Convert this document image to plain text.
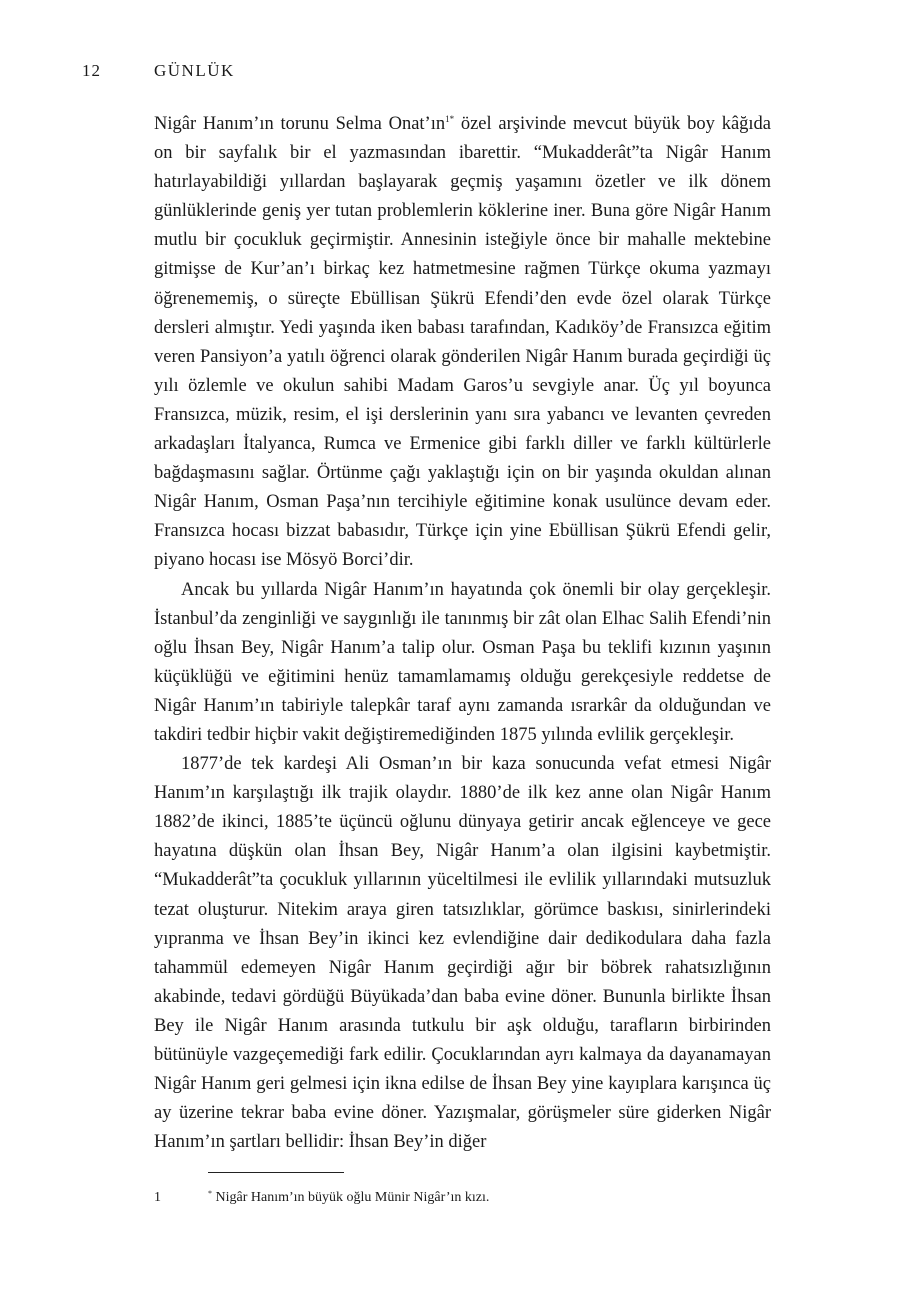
12	GÜNLÜK

Nigâr Hanım’ın torunu Selma $Onat’ın^{1*}$ özel arşivinde mevcut büyük boy kâğıda on bir sayfalık bir el yazmasından ibarettir. “Mukadderât”ta Nigâr Hanım hatırlayabildiği yıllardan başlayarak geçmiş yaşamını özetler ve ilk dönem günlüklerinde geniş yer tutan problemlerin köklerine iner. Buna göre Nigâr Hanım mutlu bir çocukluk geçirmiştir. Annesinin isteğiyle önce bir mahalle mektebine gitmişse de Kur’an’ı birkaç kez hatmetmesine rağmen Türkçe okuma yazmayı öğrenememiş, o süreçte Ebüllisan Şükrü Efendi’den evde özel olarak Türkçe dersleri almıştır. Yedi yaşında iken babası tarafından, Kadıköy’de Fransızca eğitim veren Pansiyon’a yatılı öğrenci olarak gönderilen Nigâr Hanım burada geçirdiği üç yılı özlemle ve okulun sahibi Madam Garos’u sevgiyle anar. Üç yıl boyunca Fransızca, müzik, resim, el işi derslerinin yanı sıra yabancı ve levanten çevreden arkadaşları İtalyanca, Rumca ve Ermenice gibi farklı diller ve farklı kültürlerle bağdaşmasını sağlar. Örtünme çağı yaklaştığı için on bir yaşında okuldan alınan Nigâr Hanım, Osman Paşa’nın tercihiyle eğitimine konak usulünce devam eder. Fransızca hocası bizzat babasıdır, Türkçe için yine Ebüllisan Şükrü Efendi gelir, piyano hocası ise Mösyö Borci’dir.

Ancak bu yıllarda Nigâr Hanım’ın hayatında çok önemli bir olay gerçekleşir. İstanbul’da zenginliği ve saygınlığı ile tanınmış bir zât olan Elhac Salih Efendi’nin oğlu İhsan Bey, Nigâr Hanım’a talip olur. Osman Paşa bu teklifi kızının yaşının küçüklüğü ve eğitimini henüz tamamlamamış olduğu gerekçesiyle reddetse de Nigâr Hanım’ın tabiriyle talepkâr taraf aynı zamanda ısrarkâr da olduğundan ve takdiri tedbir hiçbir vakit değiştiremediğinden 1875 yılında evlilik gerçekleşir.

1877’de tek kardeşi Ali Osman’ın bir kaza sonucunda vefat etmesi Nigâr Hanım’ın karşılaştığı ilk trajik olaydır. 1880’de ilk kez anne olan Nigâr Hanım 1882’de ikinci, 1885’te üçüncü oğlunu dünyaya getirir ancak eğlenceye ve gece hayatına düşkün olan İhsan Bey, Nigâr Hanım’a olan ilgisini kaybetmiştir. “Mukadderât”ta çocukluk yıllarının yüceltilmesi ile evlilik yıllarındaki mutsuzluk tezat oluşturur. Nitekim araya giren tatsızlıklar, görümce baskısı, sinirlerindeki yıpranma ve İhsan Bey’in ikinci kez evlendiğine dair dedikodulara daha fazla tahammül edemeyen Nigâr Hanım geçirdiği ağır bir böbrek rahatsızlığının akabinde, tedavi gördüğü Büyükada’dan baba evine döner. Bununla birlikte İhsan Bey ile Nigâr Hanım arasında tutkulu bir aşk olduğu, tarafların birbirinden bütünüyle vazgeçemediği fark edilir. Çocuklarından ayrı kalmaya da dayanamayan Nigâr Hanım geri gelmesi için ikna edilse de İhsan Bey yine kayıplara karışınca üç ay üzerine tekrar baba evine döner. Yazışmalar, görüşmeler süre giderken Nigâr Hanım’ın şartları bellidir: İhsan Bey’in diğer

1	* Nigâr Hanım’ın büyük oğlu Münir Nigâr’ın kızı.
